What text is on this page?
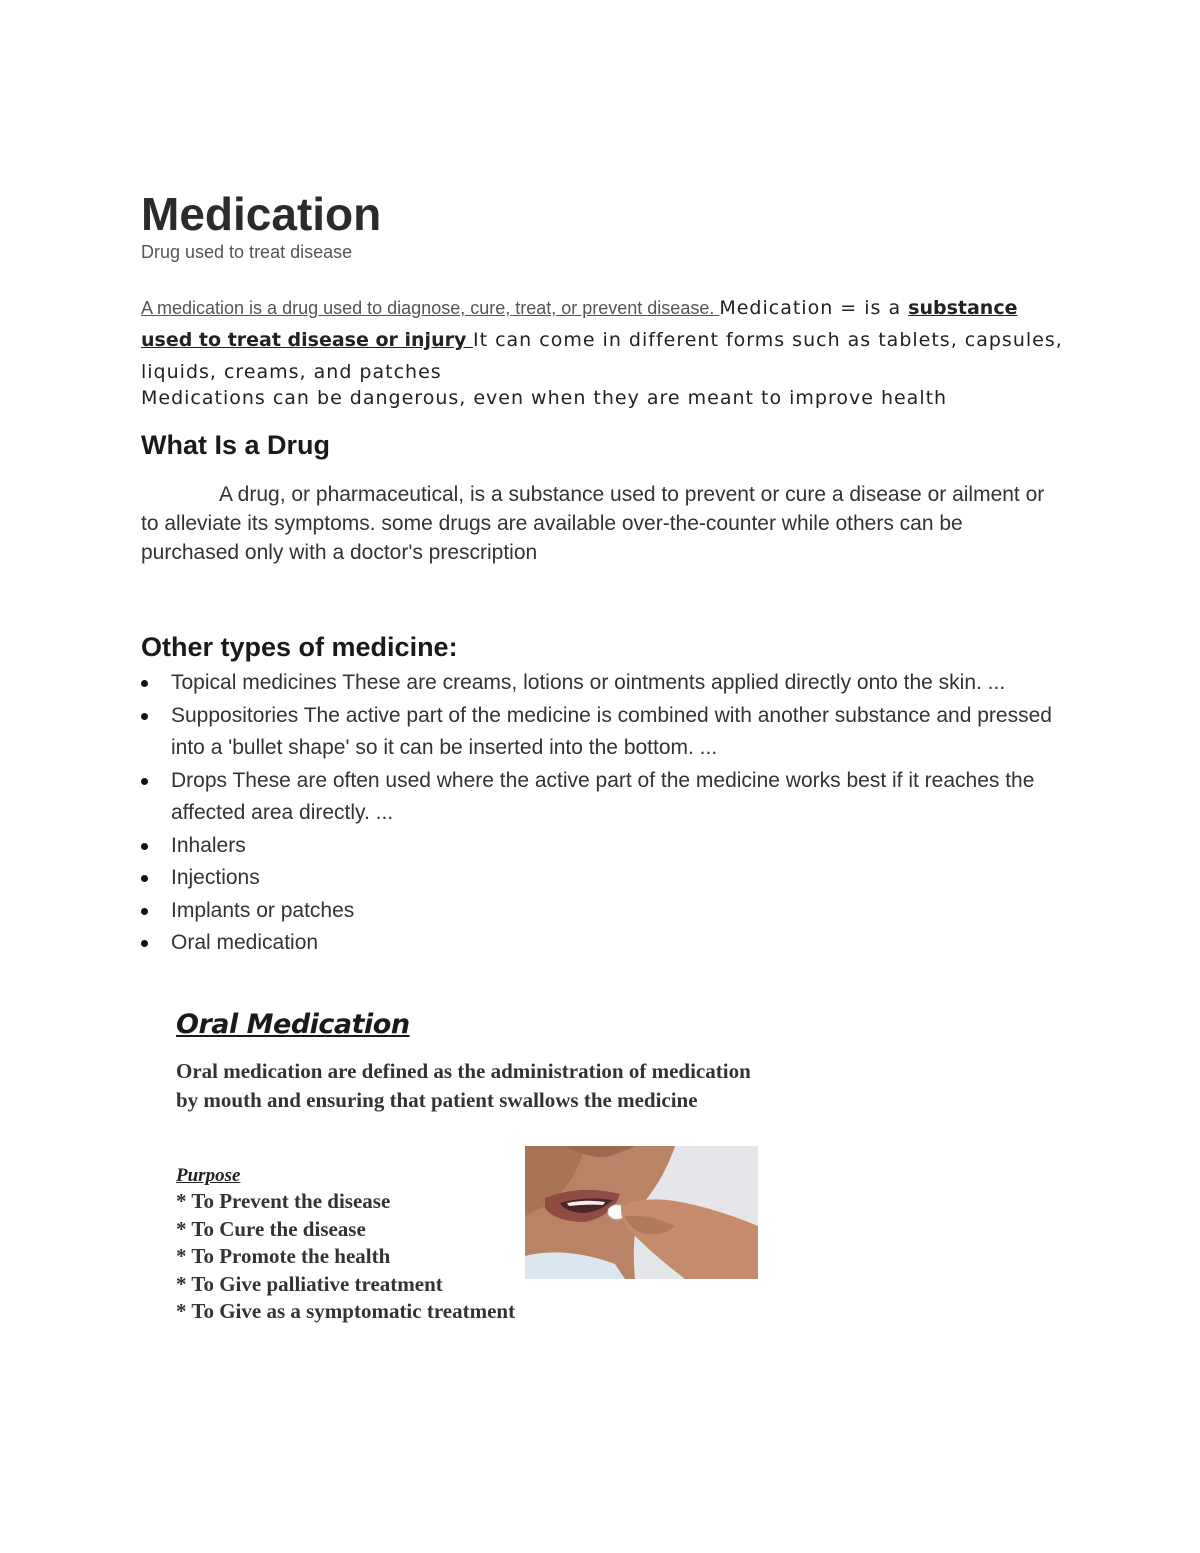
Medication
Drug used to treat disease
A medication is a drug used to diagnose, cure, treat, or prevent disease. Medication = is a substance used to treat disease or injury It can come in different forms such as tablets, capsules, liquids, creams, and patches
Medications can be dangerous, even when they are meant to improve health
What Is a Drug
A drug, or pharmaceutical, is a substance used to prevent or cure a disease or ailment or to alleviate its symptoms. some drugs are available over-the-counter while others can be purchased only with a doctor's prescription
Other types of medicine:
Topical medicines These are creams, lotions or ointments applied directly onto the skin. ...
Suppositories The active part of the medicine is combined with another substance and pressed into a 'bullet shape' so it can be inserted into the bottom. ...
Drops These are often used where the active part of the medicine works best if it reaches the affected area directly. ...
Inhalers
Injections
Implants or patches
Oral medication
Oral Medication
Oral medication are defined as the administration of medication by mouth and ensuring that patient swallows the medicine
Purpose
* To Prevent the disease
* To Cure the disease
* To Promote the health
* To Give palliative treatment
* To Give as a symptomatic treatment
